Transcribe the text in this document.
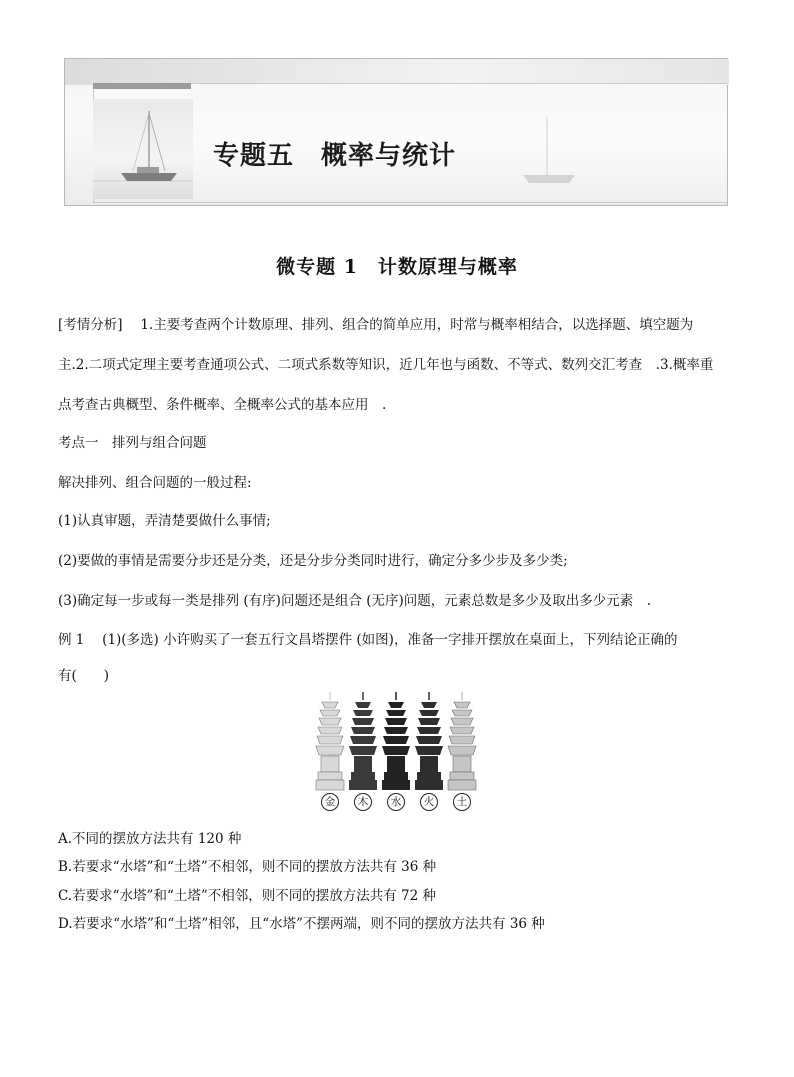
专题五　概率与统计
微专题 1　计数原理与概率
[考情分析]　 1.主要考查两个计数原理、排列、组合的简单应用，时常与概率相结合，以选择题、填空题为
主.2.二项式定理主要考查通项公式、二项式系数等知识，近几年也与函数、不等式、数列交汇考查　.3.概率重
点考查古典概型、条件概率、全概率公式的基本应用　.
考点一　排列与组合问题
解决排列、组合问题的一般过程:
(1)认真审题，弄清楚要做什么事情;
(2)要做的事情是需要分步还是分类，还是分步分类同时进行，确定分多少步及多少类;
(3)确定每一步或每一类是排列 (有序)问题还是组合 (无序)问题，元素总数是多少及取出多少元素　.
例 1　 (1)(多选) 小许购买了一套五行文昌塔摆件 (如图)，准备一字排开摆放在桌面上，下列结论正确的
有(　　)
金	木	水	火	土
A.不同的摆放方法共有 120 种
B.若要求“水塔”和“土塔”不相邻，则不同的摆放方法共有 36 种
C.若要求“水塔”和“土塔”不相邻，则不同的摆放方法共有 72 种
D.若要求“水塔”和“土塔”相邻，且“水塔”不摆两端，则不同的摆放方法共有 36 种
